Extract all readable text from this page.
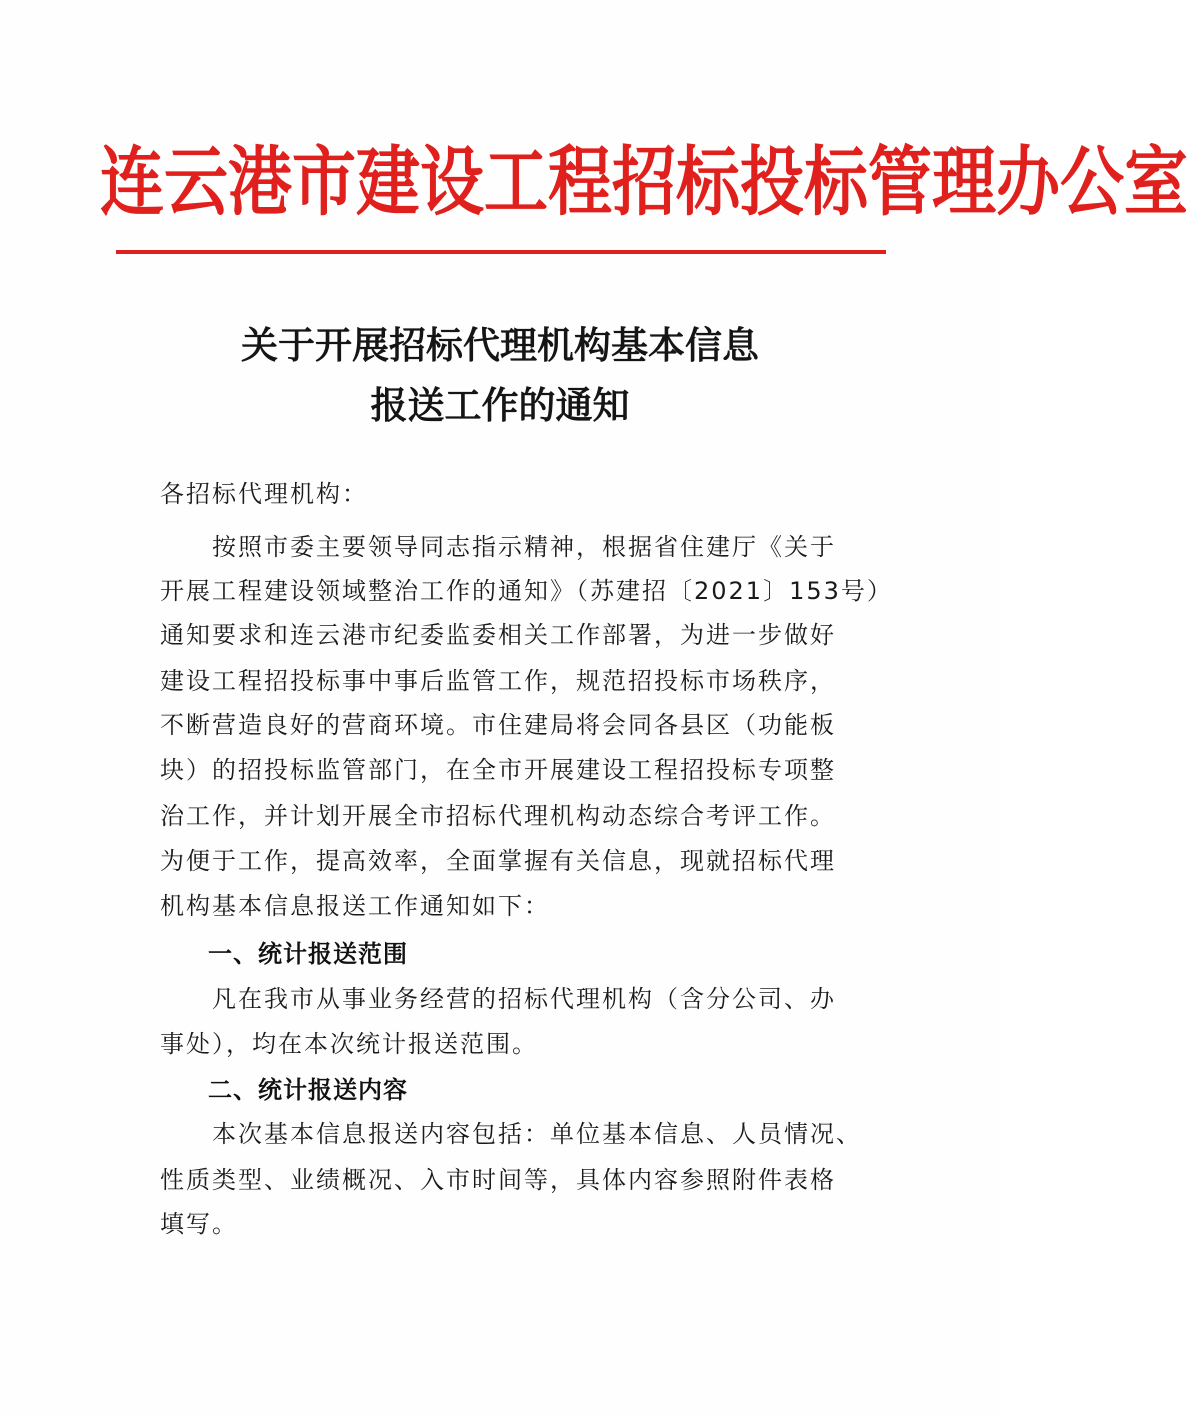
连云港市建设工程招标投标管理办公室
关于开展招标代理机构基本信息
报送工作的通知
各招标代理机构：
　　按照市委主要领导同志指示精神，根据省住建厅《关于
开展工程建设领域整治工作的通知》（苏建招〔2021〕153号）
通知要求和连云港市纪委监委相关工作部署，为进一步做好
建设工程招投标事中事后监管工作，规范招投标市场秩序，
不断营造良好的营商环境。市住建局将会同各县区（功能板
块）的招投标监管部门，在全市开展建设工程招投标专项整
治工作，并计划开展全市招标代理机构动态综合考评工作。
为便于工作，提高效率，全面掌握有关信息，现就招标代理
机构基本信息报送工作通知如下：
一、统计报送范围
　　凡在我市从事业务经营的招标代理机构（含分公司、办
事处），均在本次统计报送范围。
二、统计报送内容
　　本次基本信息报送内容包括：单位基本信息、人员情况、
性质类型、业绩概况、入市时间等，具体内容参照附件表格
填写。
